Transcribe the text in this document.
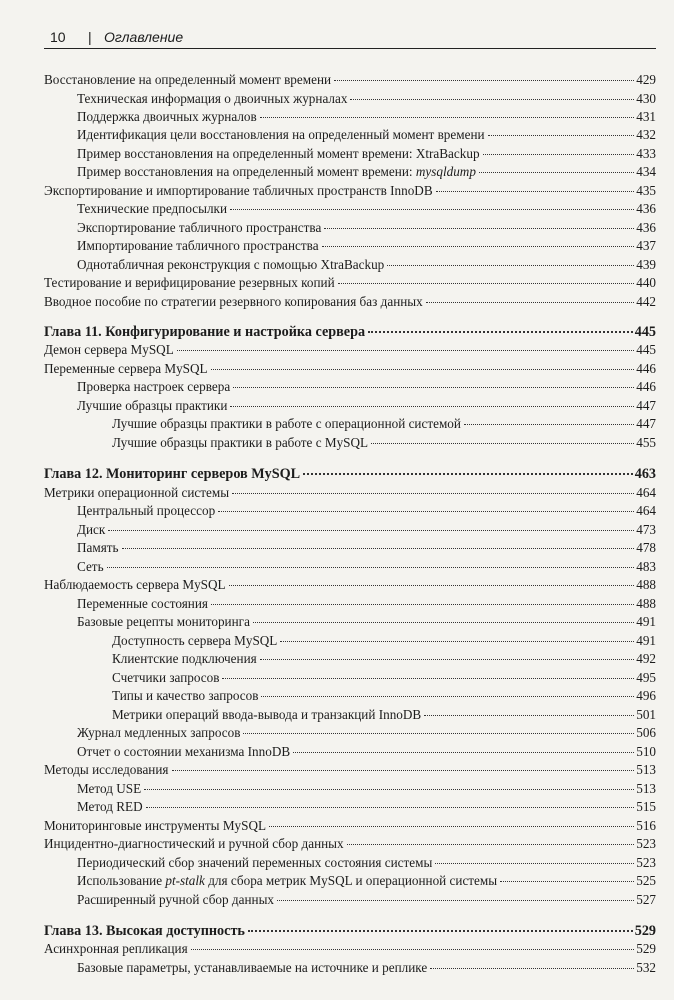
10 | Оглавление
Восстановление на определенный момент времени	429
Техническая информация о двоичных журналах	430
Поддержка двоичных журналов	431
Идентификация цели восстановления на определенный момент времени	432
Пример восстановления на определенный момент времени: XtraBackup	433
Пример восстановления на определенный момент времени: mysqldump	434
Экспортирование и импортирование табличных пространств InnoDB	435
Технические предпосылки	436
Экспортирование табличного пространства	436
Импортирование табличного пространства	437
Однотабличная реконструкция с помощью XtraBackup	439
Тестирование и верифицирование резервных копий	440
Вводное пособие по стратегии резервного копирования баз данных	442
Глава 11. Конфигурирование и настройка сервера	445
Демон сервера MySQL	445
Переменные сервера MySQL	446
Проверка настроек сервера	446
Лучшие образцы практики	447
Лучшие образцы практики в работе с операционной системой	447
Лучшие образцы практики в работе с MySQL	455
Глава 12. Мониторинг серверов MySQL	463
Метрики операционной системы	464
Центральный процессор	464
Диск	473
Память	478
Сеть	483
Наблюдаемость сервера MySQL	488
Переменные состояния	488
Базовые рецепты мониторинга	491
Доступность сервера MySQL	491
Клиентские подключения	492
Счетчики запросов	495
Типы и качество запросов	496
Метрики операций ввода-вывода и транзакций InnoDB	501
Журнал медленных запросов	506
Отчет о состоянии механизма InnoDB	510
Методы исследования	513
Метод USE	513
Метод RED	515
Мониторинговые инструменты MySQL	516
Инцидентно-диагностический и ручной сбор данных	523
Периодический сбор значений переменных состояния системы	523
Использование pt-stalk для сбора метрик MySQL и операционной системы	525
Расширенный ручной сбор данных	527
Глава 13. Высокая доступность	529
Асинхронная репликация	529
Базовые параметры, устанавливаемые на источнике и реплике	532
